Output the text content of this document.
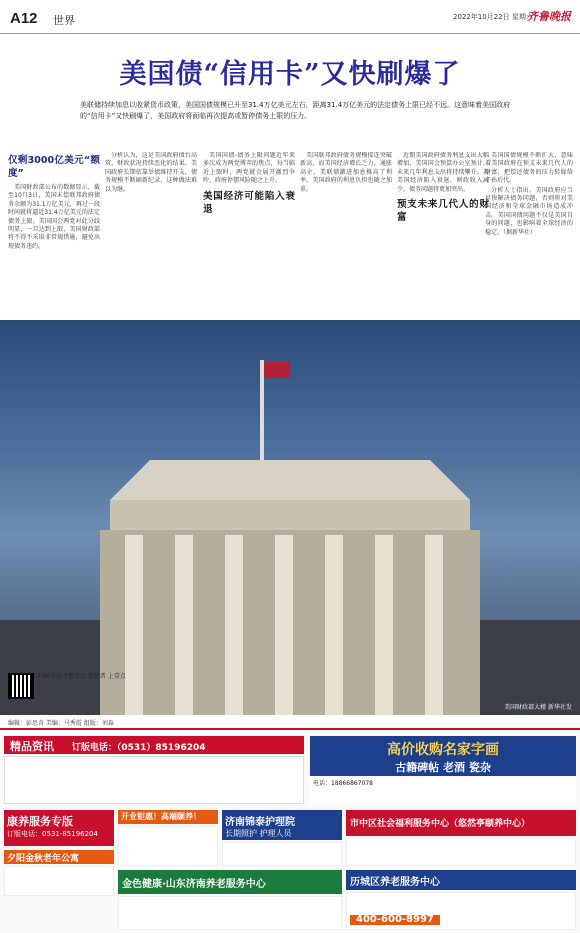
A12 世界	2022年10月22日 星期六
齐鲁晚报
美国债“信用卡”又快刷爆了
美联储持续加息以收紧货币政策，美国国债规模已升至31.4万亿美元左右，距离31.4万亿美元的法定债务上限已经不远。这意味着美国政府的“信用卡”又快刷爆了，美国政府将面临再次提高或暂停债务上限的压力。
仅剩3000亿美元“额度”

美国财政部公布的数据显示，截至10月3日，美国未偿联邦政府债务余额为31.1万亿美元，再过一段时间就将逼近31.4万亿美元的法定债务上限。美国国会两党对此分歧明显，一旦达到上限，美国财政部将不得不采取非常规措施，避免出现债务违约。

分析认为，这是美国政府债台高筑、财政状况持续恶化的结果。美国政府长期依靠举债维持开支，债务规模不断刷新纪录，这种做法难以为继。

美国国债-债务上限问题近年来多次成为两党博弈的焦点，每当临近上限时，两党就会展开激烈争吵，政府停摆风险随之上升。

美国经济可能陷入衰退

美国联邦政府债务规模接连突破新高，而美国经济增长乏力，通胀高企，美联储激进加息推高了利率，美国政府的利息负担也随之加重。

近期美国政府债务利息支出大幅增加，美国国会预算办公室预计，未来几年利息支出将持续攀升。若美国经济陷入衰退，财政收入减少，债务问题将更加突出。

预支未来几代人的财富

美国国债规模不断扩大，意味着美国政府在预支未来几代人的财富，把偿还债务的压力转嫁给子孙后代。

分析人士指出，美国政府应当尽快解决债务问题，否则将对美国经济和全球金融市场造成冲击。美国国债问题不仅是美国自身的问题，也影响着全球经济的稳定。（据新华社）

美国财政部大楼 新华社发
扫码下载齐鲁壹点 找记者 上壹点
编辑：彭思奇 美编：马秀霞 组版：刘淼
精品资讯 订版电话：（0531）85196204	高价收购名家字画
古籍碑帖 老酒 瓷杂
电话：18866867078
康养服务专版
订版电话：0531-85196204
夕阳金秋老年公寓
开业钜惠！高端颐养！
济南锦泰护理院
长期照护 护理人员
市中区社会福利服务中心（悠然亭颐养中心）
金色健康·山东济南养老服务中心	历城区养老服务中心
400-600-8997
